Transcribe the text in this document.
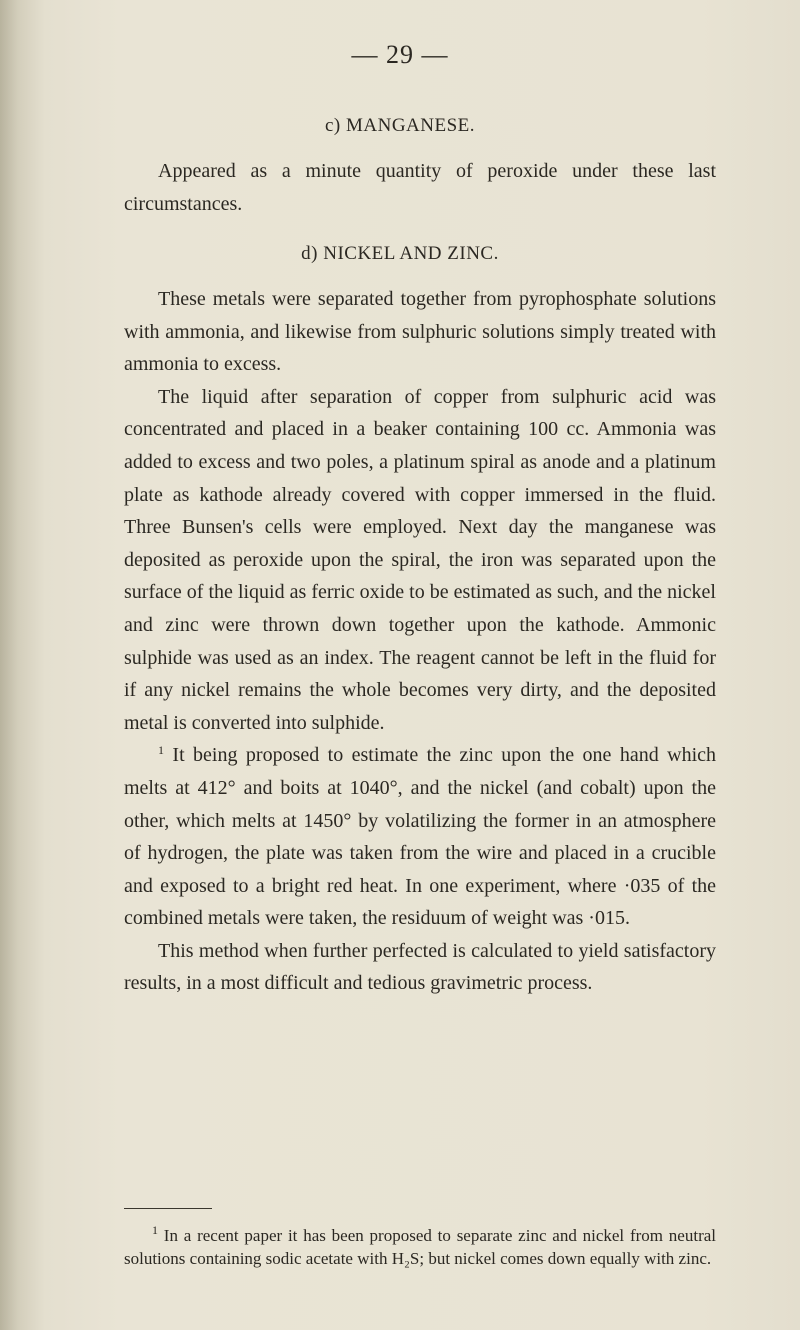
— 29 —
c) MANGANESE.

Appeared as a minute quantity of peroxide under these last circumstances.

d) NICKEL AND ZINC.

These metals were separated together from pyrophosphate solutions with ammonia, and likewise from sulphuric solutions simply treated with ammonia to excess.

The liquid after separation of copper from sulphuric acid was concentrated and placed in a beaker containing 100 cc. Ammonia was added to excess and two poles, a platinum spiral as anode and a platinum plate as kathode already covered with copper immersed in the fluid. Three Bunsen's cells were employed. Next day the manganese was deposited as peroxide upon the spiral, the iron was separated upon the surface of the liquid as ferric oxide to be estimated as such, and the nickel and zinc were thrown down together upon the kathode. Ammonic sulphide was used as an index. The reagent cannot be left in the fluid for if any nickel remains the whole becomes very dirty, and the deposited metal is converted into sulphide.

$^1$ It being proposed to estimate the zinc upon the one hand which melts at 412° and boits at 1040°, and the nickel (and cobalt) upon the other, which melts at 1450° by volatilizing the former in an atmosphere of hydrogen, the plate was taken from the wire and placed in a crucible and exposed to a bright red heat. In one experiment, where ·035 of the combined metals were taken, the residuum of weight was ·015.

This method when further perfected is calculated to yield satisfactory results, in a most difficult and tedious gravimetric process.

$^1$ In a recent paper it has been proposed to separate zinc and nickel from neutral solutions containing sodic acetate with H₂S; but nickel comes down equally with zinc.
